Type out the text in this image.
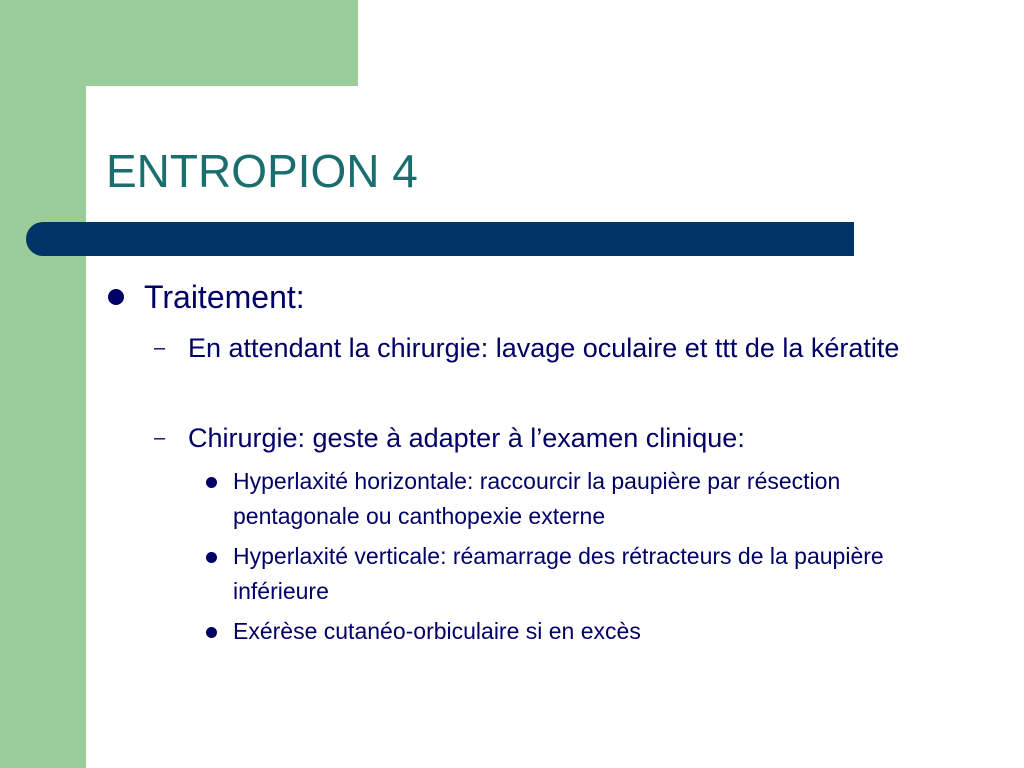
ENTROPION 4
Traitement:
– En attendant la chirurgie: lavage oculaire et ttt de la kératite
– Chirurgie: geste à adapter à l’examen clinique:
Hyperlaxité horizontale: raccourcir la paupière par résection pentagonale ou canthopexie externe
Hyperlaxité verticale: réamarrage des rétracteurs de la paupière inférieure
Exérèse cutanéo-orbiculaire si en excès
